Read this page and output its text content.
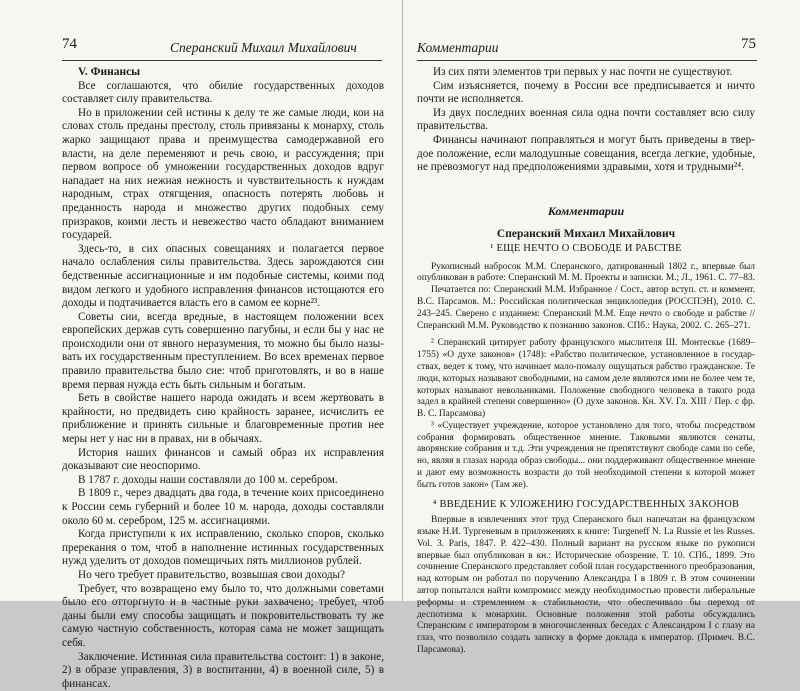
74	Сперанский Михаил Михайлович

V. Финансы

Все соглашаются, что обилие государственных доходов составляет силу правительства.

Но в приложении сей истины к делу те же самые люди, кои на словах столь преданы престолу, столь привязаны к монарху, столь жарко защищают права и преимущества самодержавной его власти, на деле переменяют и речь свою, и рассуждения; при первом вопросе об умножении государственных доходов вдруг нападает на них нежная нежность и чувствительность к нуждам народным, страх отягщения, опасность потерять любовь и преданность народа и множество других подобных сему призраков, коими лесть и невежество часто обладают вниманием государей.

Здесь-то, в сих опасных совещаниях и полагается первое начало ослабления силы правительства. Здесь зарождаются сии бедственные ассигнационные и им подобные системы, коими под видом легкого и удобного исправления финансов истощаются его доходы и подтачивается власть его в самом ее корне²³.

Советы сии, всегда вредные, в настоящем положении всех европейских держав суть совершенно пагубны, и если бы у нас не происходили они от явного неразумения, то можно бы было называть их государственным преступлением. Во всех временах первое правило правительства было сие: чтоб приготовлять, и во в наше время первая нужда есть быть сильным и богатым.

Беть в свойстве нашего народа ожидать и всем жертвовать в крайности, но предвидеть сию крайность заранее, исчислить ее приближение и принять сильные и благовременные против нее меры нет у нас ни в правах, ни в обычаях.

История наших финансов и самый образ их исправления доказывают сие неоспоримо.

В 1787 г. доходы наши составляли до 100 м. серебром.

В 1809 г., через двадцать два года, в течение коих присоединено к России семь губерний и более 10 м. народа, доходы составляли около 60 м. серебром, 125 м. ассигнациями.

Когда приступили к их исправлению, сколько споров, сколько пререкания о том, чтоб в наполнение истинных государственных нужд уделить от доходов помещичьих пять миллионов рублей.

Но чего требует правительство, возвышая свои доходы?

Требует, что возвращено ему было то, что должными советами было его отторгнуто и в частные руки захвачено; требует, чтоб даны были ему способы защищать и покровительствовать ту же самую частную собственность, которая сама не может защищать себя.

Заключение. Истинная сила правительства состоит: 1) в законе, 2) в образе управления, 3) в воспитании, 4) в военной силе, 5) в финансах.

Комментарии	75

Из сих пяти элементов три первых у нас почти не существуют.

Сим изъясняется, почему в России все предписывается и ничто почти не исполняется.

Из двух последних военная сила одна почти составляет всю силу правительства.

Финансы начинают поправляться и могут быть приведены в твердое положение, если малодушные совещания, всегда легкие, удобные, не превозмогут над предположениями здравыми, хотя и трудными²⁴.

Комментарии

Сперанский Михаил Михайлович

¹ ЕЩЕ НЕЧТО О СВОБОДЕ И РАБСТВЕ

Рукописный набросок М.М. Сперанского, датированный 1802 г., впервые был опубликован в работе: Сперанский М. М. Проекты и записки. М.; Л., 1961. С. 77–83.

Печатается по: Сперанский М.М. Избранное / Сост., автор вступ. ст. и коммент. В.С. Парсамов. М.: Российская политическая энциклопедия (РОССПЭН), 2010. С. 243–245. Сверено с изданием: Сперанский М.М. Еще нечто о свободе и рабстве // Сперанский М.М. Руководство к познанию законов. СПб.: Наука, 2002. С. 265–271.

² Сперанский цитирует работу французского мыслителя Ш. Монтескье (1689–1755) «О духе законов» (1748): «Рабство политическое, установленное в государствах, ведет к тому, что начинает мало-помалу ощущаться рабство гражданское. Те люди, которых называют свободными, на самом деле являются ими не более чем те, которых называют невольниками. Положение свободного человека в такого рода задел в крайней степени совершенно» (О духе законов. Кн. XV. Гл. XIII / Пер. с фр. В. С. Парсамова)

³ «Существует учреждение, которое установлено для того, чтобы посредством собрания формировать общественное мнение. Таковыми являются сенаты, аворянские собрания и т.д. Эти учреждения не препятствуют свободе сами по себе, но, являя в глазах народа образ свободы... они поддерживают общественное мнение и дают ему возможность возрасти до той необходимой степени к которой может быть готов закон» (Там же).

⁴ ВВЕДЕНИЕ К УЛОЖЕНИЮ ГОСУДАРСТВЕННЫХ ЗАКОНОВ

Впервые в извлечениях этот труд Сперанского был напечатан на французском языке Н.И. Тургеневым в приложениях к книге: Turgeneff N. La Russie et les Russes. Vol. 3. Paris, 1847. P. 422–430. Полный вариант на русском языке по рукописи впервые был опубликован в кн.: Исторические обозрение. Т. 10. СПб., 1899. Это сочинение Сперанского представляет собой план государственного преобразования, над которым он работал по поручению Александра I в 1809 г. В этом сочинении автор попытался найти компромисс между необходимостью провести либеральные реформы и стремлением к стабильности, что обеспечивало бы переход от деспотизма к монархии. Основные положения этой работы обсуждались Сперанским с императором в многочисленных беседах с Александром I с глазу на глаз, что позволило создать записку в форме доклада к император. (Примеч. В.С. Парсамова).
